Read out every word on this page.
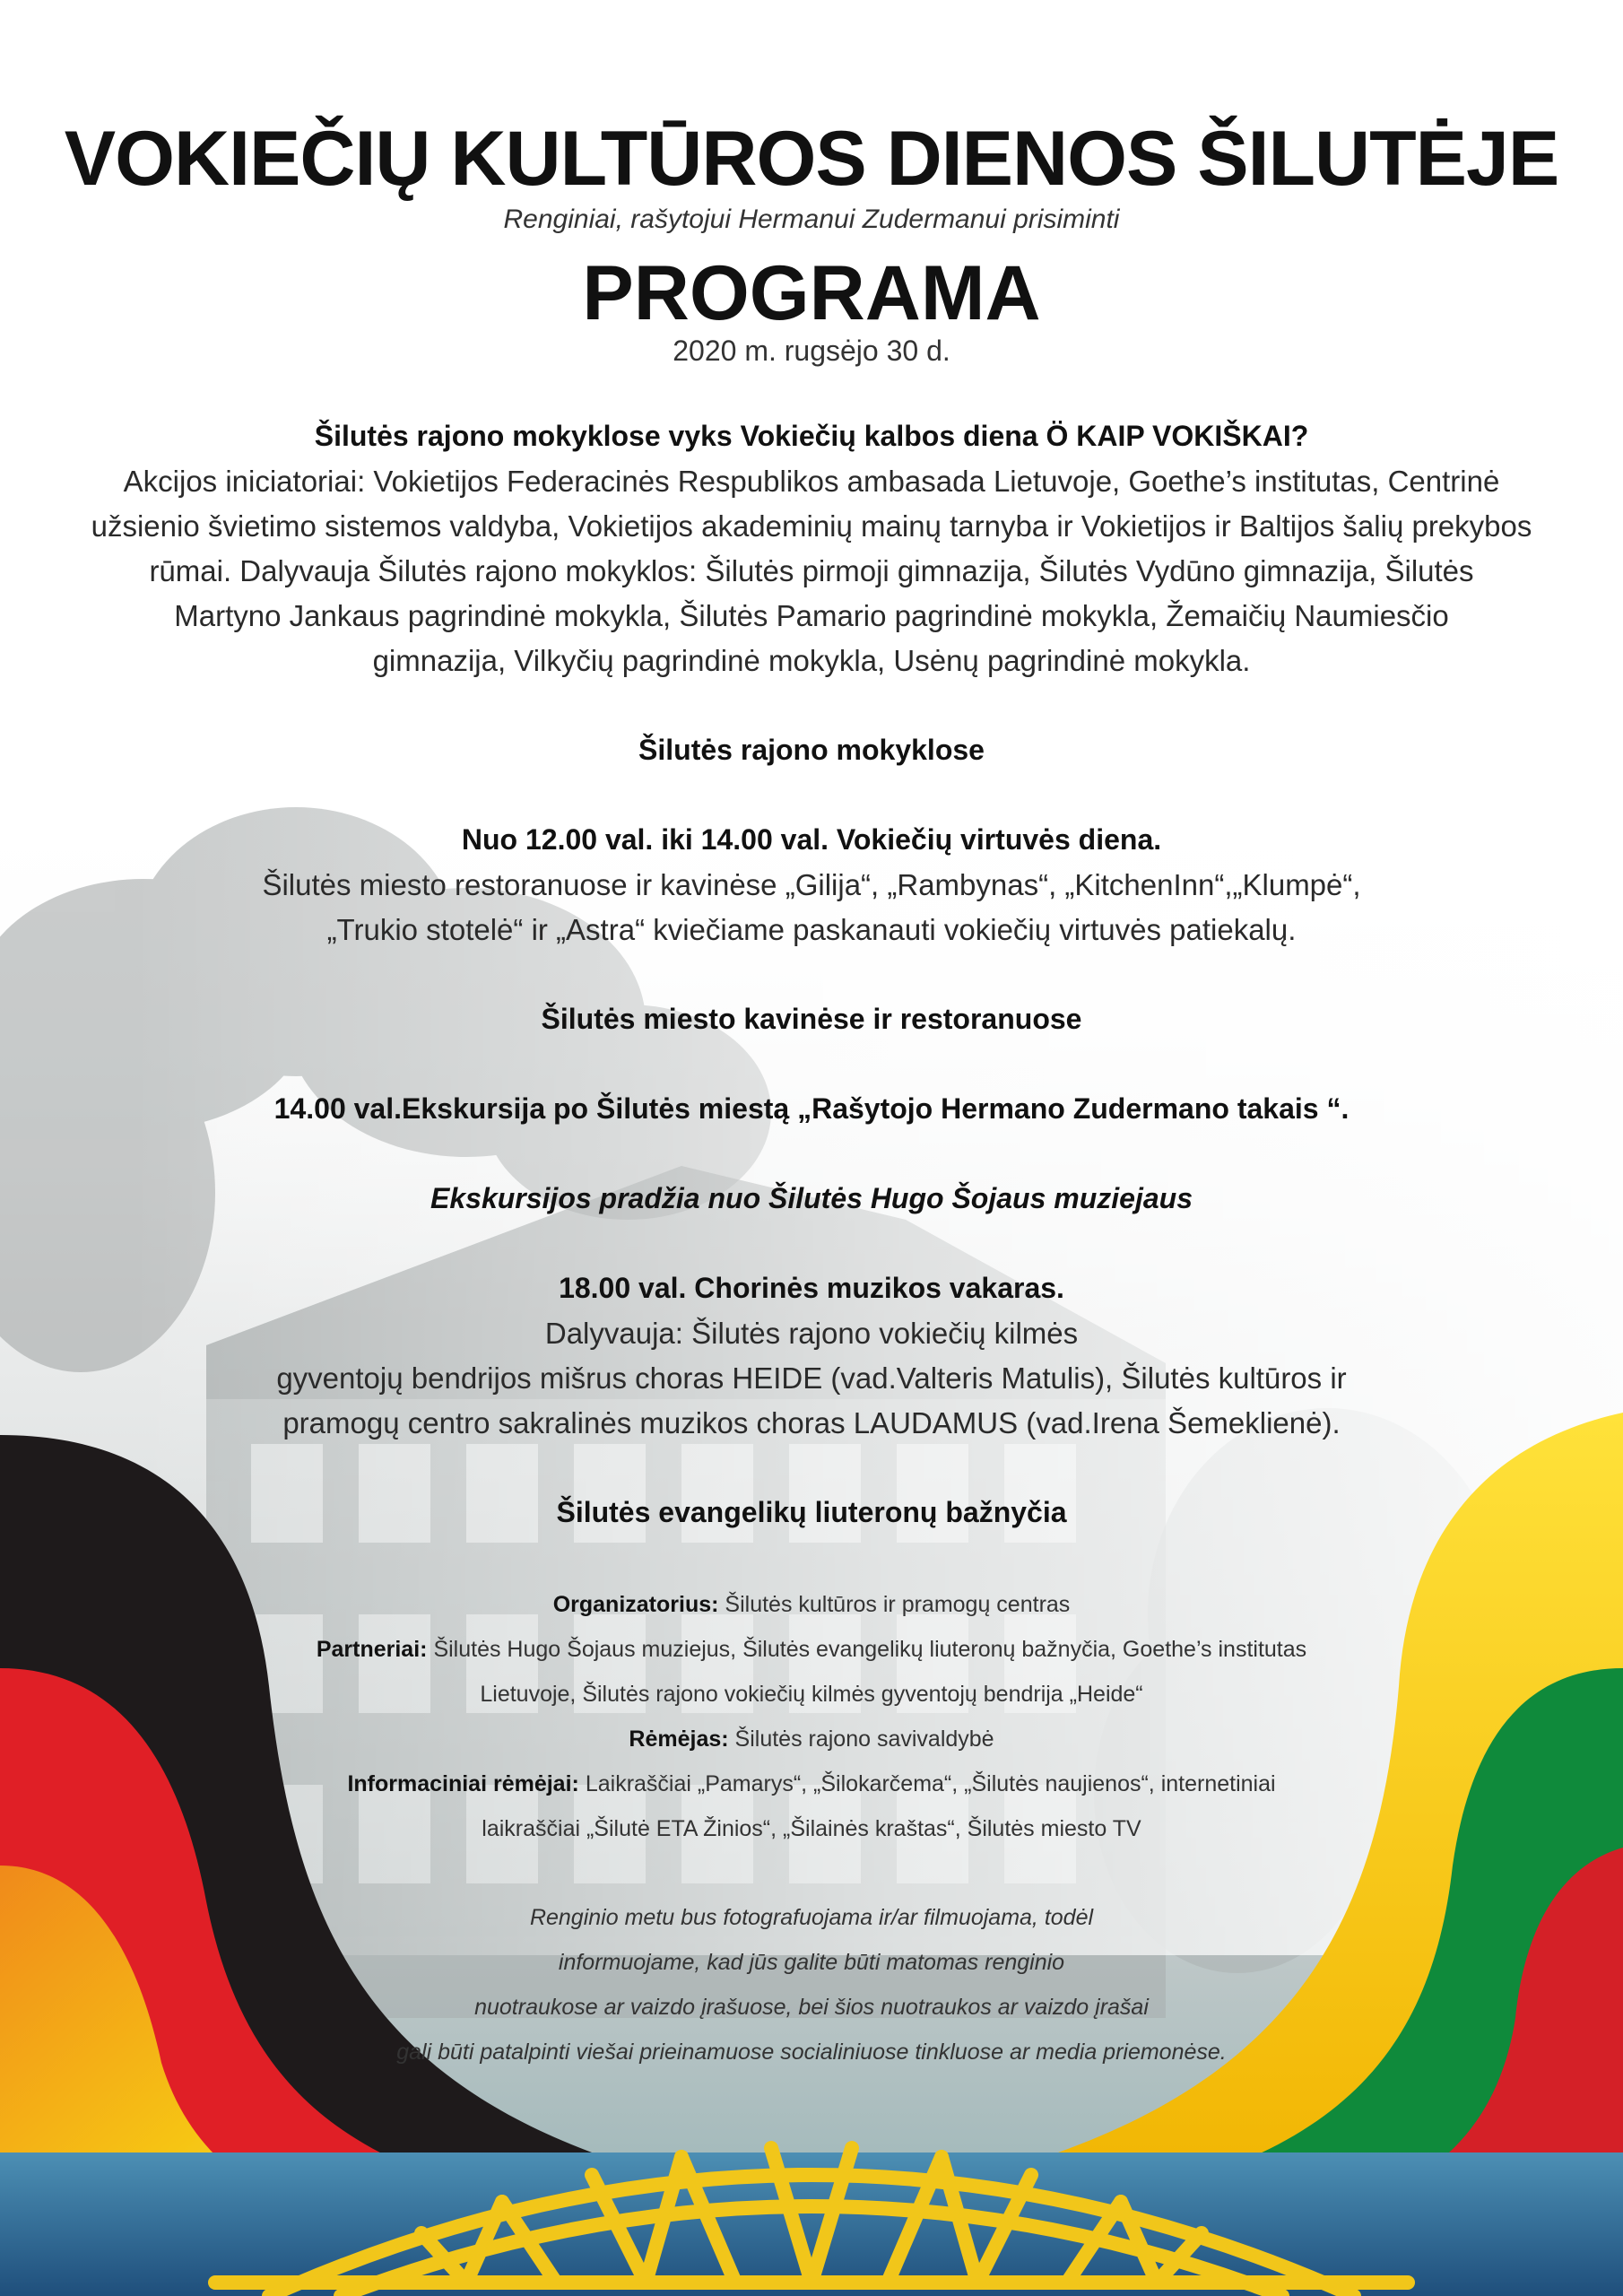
VOKIEČIŲ KULTŪROS DIENOS ŠILUTĖJE
Renginiai, rašytojui Hermanui Zudermanui prisiminti
PROGRAMA
2020 m. rugsėjo 30 d.
Šilutės rajono mokyklose vyks Vokiečių kalbos diena Ö KAIP VOKIŠKAI?
Akcijos iniciatoriai: Vokietijos Federacinės Respublikos ambasada Lietuvoje, Goethe’s institutas, Centrinė
užsienio švietimo sistemos valdyba, Vokietijos akademinių mainų tarnyba ir Vokietijos ir Baltijos šalių prekybos
rūmai. Dalyvauja Šilutės rajono mokyklos: Šilutės pirmoji gimnazija, Šilutės Vydūno gimnazija, Šilutės
Martyno Jankaus pagrindinė mokykla, Šilutės Pamario pagrindinė mokykla, Žemaičių Naumiesčio
gimnazija, Vilkyčių pagrindinė mokykla, Usėnų pagrindinė mokykla.
Šilutės rajono mokyklose
Nuo 12.00 val. iki 14.00 val. Vokiečių virtuvės diena.
Šilutės miesto restoranuose ir kavinėse „Gilija“, „Rambynas“, „KitchenInn“,„Klumpė“,
„Trukio stotelė“ ir „Astra“ kviečiame paskanauti vokiečių virtuvės patiekalų.
Šilutės miesto kavinėse ir restoranuose
14.00 val.Ekskursija po Šilutės miestą „Rašytojo Hermano Zudermano takais “.
Ekskursijos pradžia nuo Šilutės Hugo Šojaus muziejaus
18.00 val. Chorinės muzikos vakaras.
Dalyvauja: Šilutės rajono vokiečių kilmės
gyventojų bendrijos mišrus choras HEIDE (vad.Valteris Matulis), Šilutės kultūros ir
pramogų centro sakralinės muzikos choras LAUDAMUS (vad.Irena Šemeklienė).
Šilutės evangelikų liuteronų bažnyčia
Organizatorius: Šilutės kultūros ir pramogų centras
Partneriai: Šilutės Hugo Šojaus muziejus, Šilutės evangelikų liuteronų bažnyčia, Goethe’s institutas
Lietuvoje, Šilutės rajono vokiečių kilmės gyventojų bendrija „Heide“
Rėmėjas: Šilutės rajono savivaldybė
Informaciniai rėmėjai: Laikraščiai „Pamarys“, „Šilokarčema“, „Šilutės naujienos“, internetiniai
laikraščiai „Šilutė ETA Žinios“, „Šilainės kraštas“, Šilutės miesto TV
Renginio metu bus fotografuojama ir/ar filmuojama, todėl
informuojame, kad jūs galite būti matomas renginio
nuotraukose ar vaizdo įrašuose, bei šios nuotraukos ar vaizdo įrašai
gali būti patalpinti viešai prieinamuose socialiniuose tinkluose ar media priemonėse.
